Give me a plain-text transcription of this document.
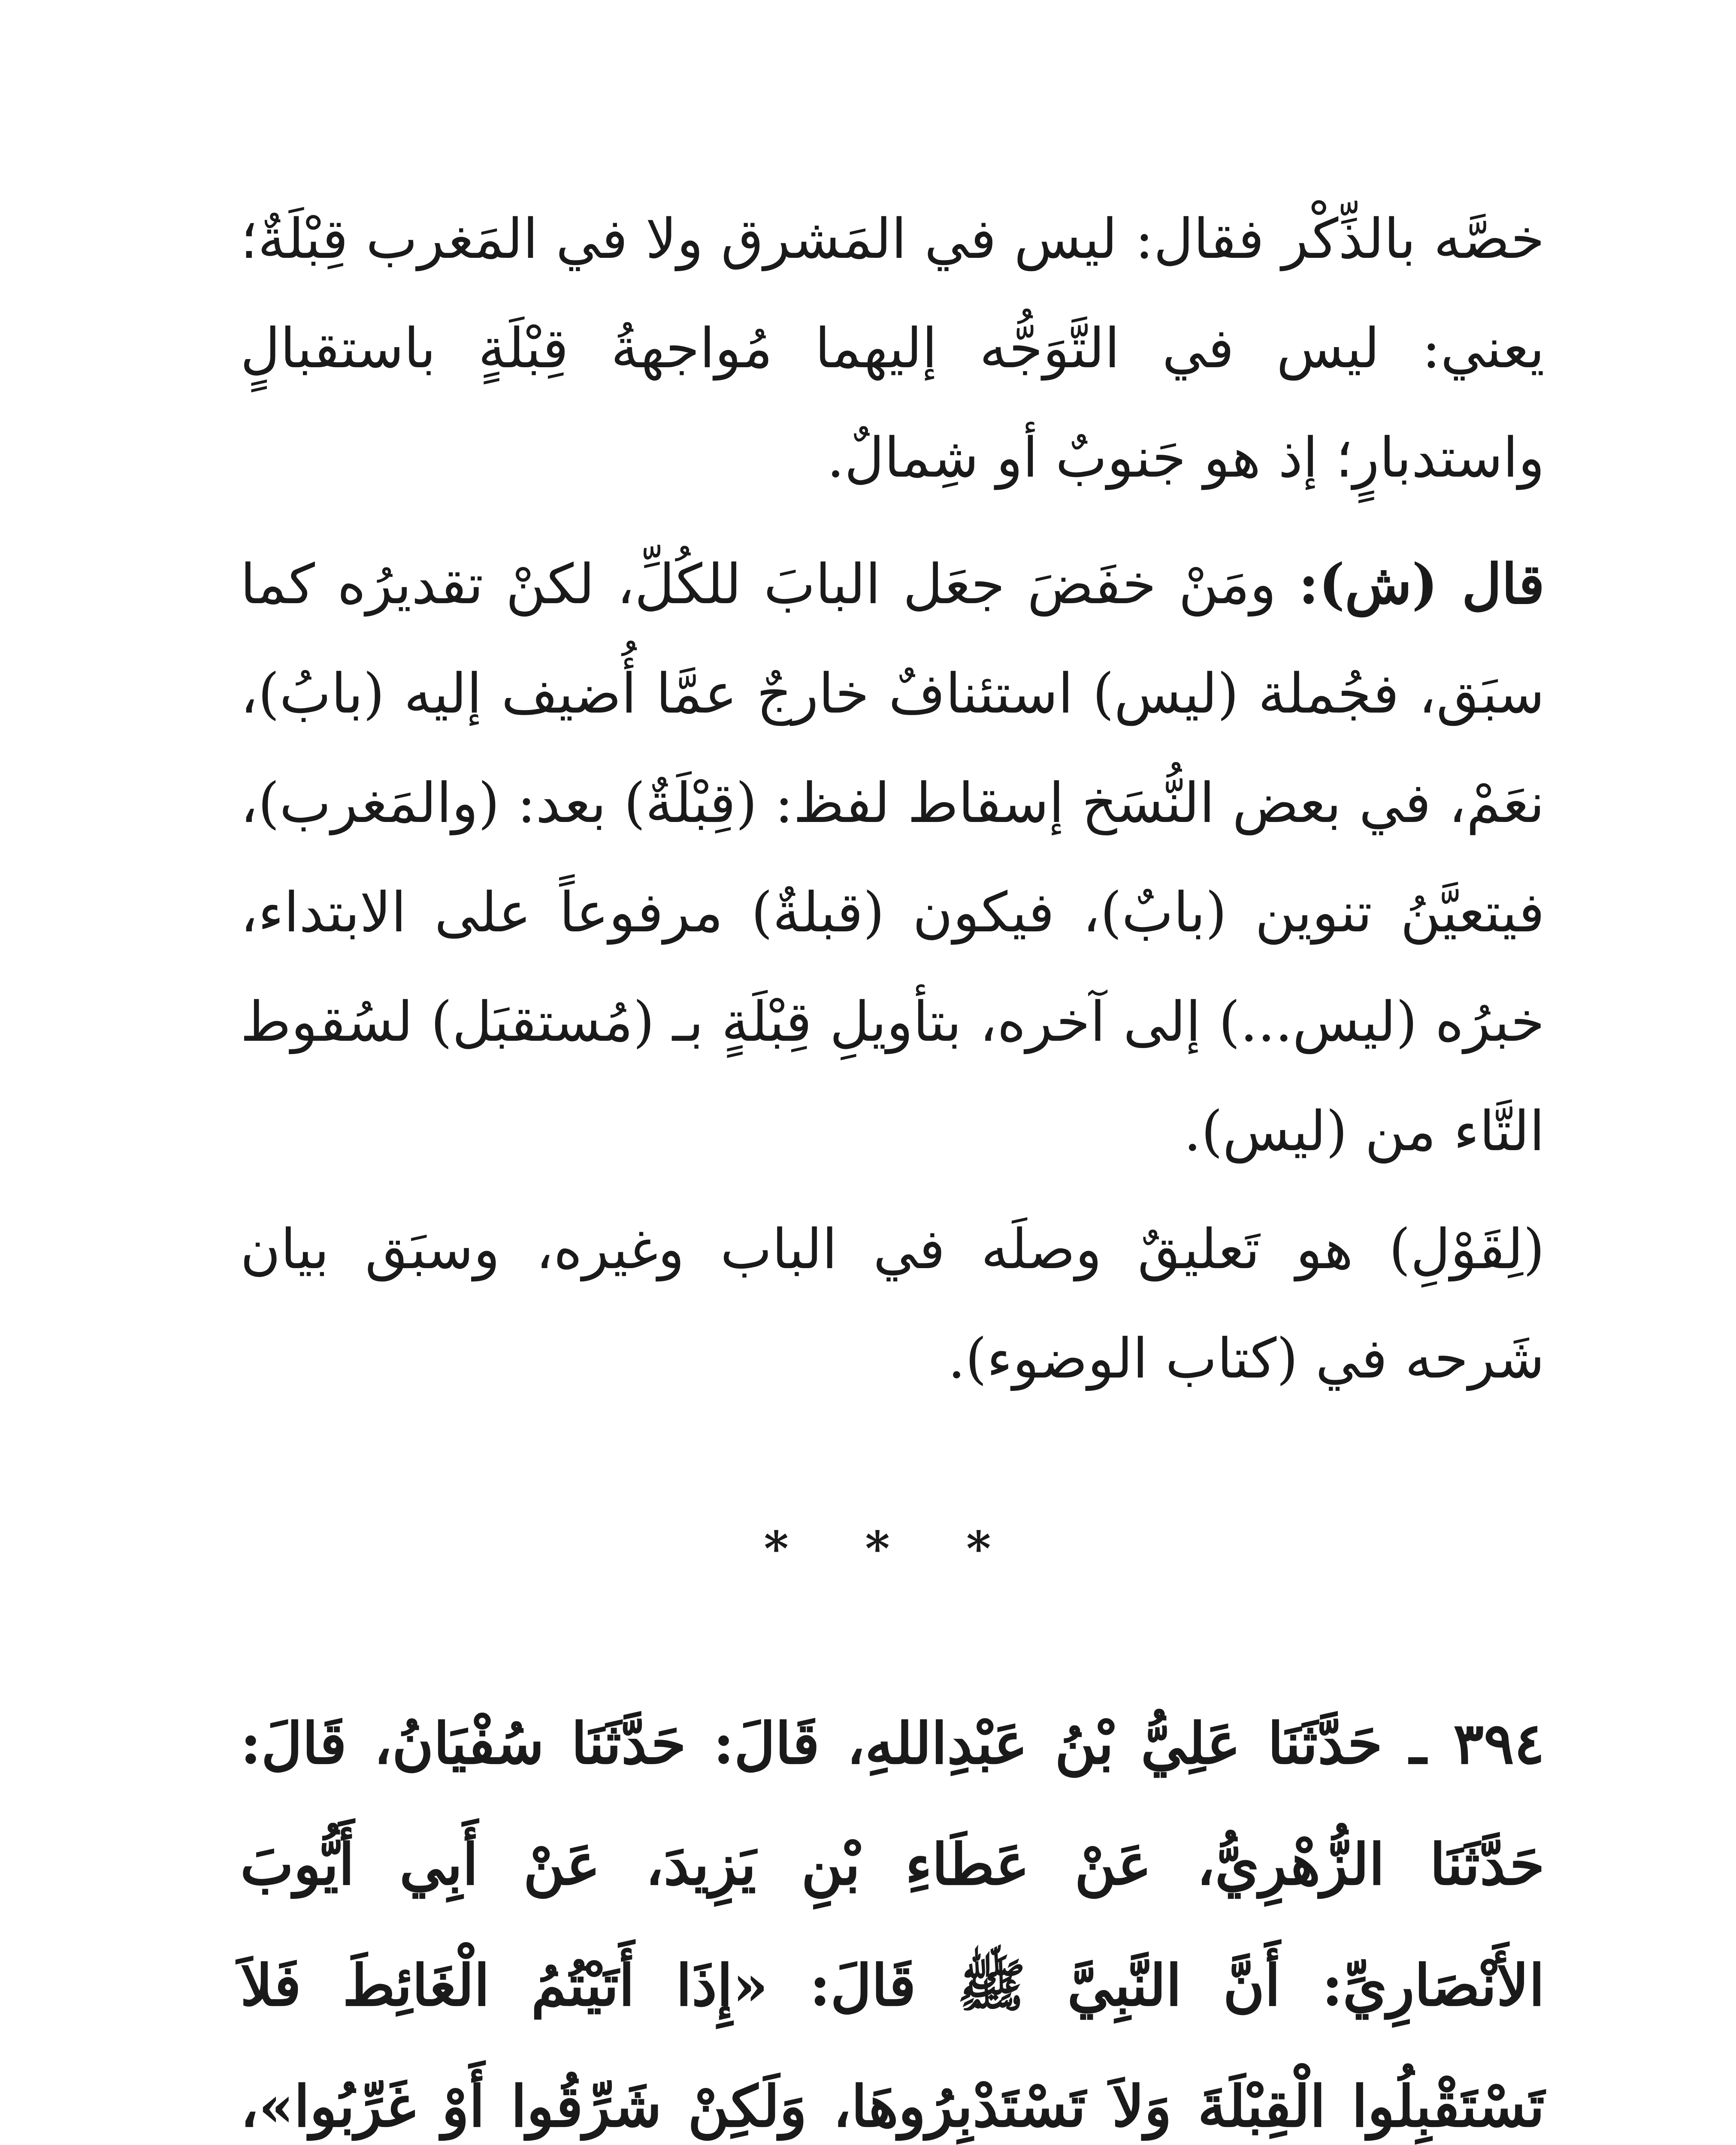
خصَّه بالذِّكْر فقال: ليس في المَشرق ولا في المَغرب قِبْلَةٌ؛ يعني: ليس في التَّوَجُّه إليهما مُواجهةُ قِبْلَةٍ باستقبالٍ واستدبارٍ؛ إذ هو جَنوبٌ أو شِمالٌ.

قال (ش): ومَنْ خفَضَ جعَل البابَ للكُلِّ، لكنْ تقديرُه كما سبَق، فجُملة (ليس) استئنافٌ خارجٌ عمَّا أُضيف إليه (بابُ)، نعَمْ، في بعض النُّسَخ إسقاط لفظ: (قِبْلَةٌ) بعد: (والمَغرب)، فيتعيَّنُ تنوين (بابٌ)، فيكون (قبلةٌ) مرفوعاً على الابتداء، خبرُه (ليس...) إلى آخره، بتأويلِ قِبْلَةٍ بـ (مُستقبَل) لسُقوط التَّاء من (ليس).

(لِقَوْلِ) هو تَعليقٌ وصلَه في الباب وغيره، وسبَق بيان شَرحه في (كتاب الوضوء).

* * *

٣٩٤ ـ حَدَّثَنَا عَلِيُّ بْنُ عَبْدِاللهِ، قَالَ: حَدَّثَنَا سُفْيَانُ، قَالَ: حَدَّثَنَا الزُّهْرِيُّ، عَنْ عَطَاءِ بْنِ يَزِيدَ، عَنْ أَبِي أَيُّوبَ الأَنْصَارِيِّ: أَنَّ النَّبِيَّ ﷺ قَالَ: «إِذَا أَتَيْتُمُ الْغَائِطَ فَلاَ تَسْتَقْبِلُوا الْقِبْلَةَ وَلاَ تَسْتَدْبِرُوهَا، وَلَكِنْ شَرِّقُوا أَوْ غَرِّبُوا»،
